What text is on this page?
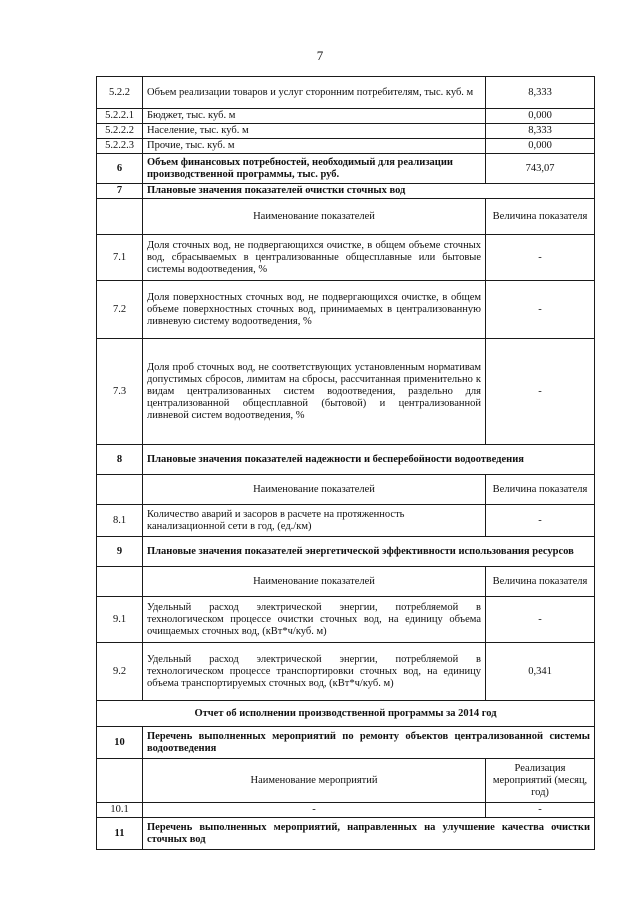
7
5.2.2	Объем реализации товаров и услуг сторонним потребителям, тыс. куб. м	8,333
5.2.2.1	Бюджет, тыс. куб. м	0,000
5.2.2.2	Население, тыс. куб. м	8,333
5.2.2.3	Прочие, тыс. куб. м	0,000
6	Объем финансовых потребностей, необходимый для реализации производственной программы, тыс. руб.	743,07
7	Плановые значения показателей очистки сточных вод	
	Наименование показателей	Величина показателя
7.1	Доля сточных вод, не подвергающихся очистке, в общем объеме сточных вод, сбрасываемых в централизованные общесплавные или бытовые системы водоотведения, %	-
7.2	Доля поверхностных сточных вод, не подвергающихся очистке, в общем объеме поверхностных сточных вод, принимаемых в централизованную ливневую систему водоотведения, %	-
7.3	Доля проб сточных вод, не соответствующих установленным нормативам допустимых сбросов, лимитам на сбросы, рассчитанная применительно к видам централизованных систем водоотведения, раздельно для централизованной общесплавной (бытовой) и централизованной ливневой систем водоотведения, %	-
8	Плановые значения показателей надежности и бесперебойности водоотведения	
	Наименование показателей	Величина показателя
8.1	Количество аварий и засоров в расчете на протяженность канализационной сети в год, (ед./км)	-
9	Плановые значения показателей энергетической эффективности использования ресурсов	
	Наименование показателей	Величина показателя
9.1	Удельный расход электрической энергии, потребляемой в технологическом процессе очистки сточных вод, на единицу объема очищаемых сточных вод, (кВт*ч/куб. м)	-
9.2	Удельный расход электрической энергии, потребляемой в технологическом процессе транспортировки сточных вод, на единицу объема транспортируемых сточных вод, (кВт*ч/куб. м)	0,341
Отчет об исполнении производственной программы за 2014 год		
10	Перечень выполненных мероприятий по ремонту объектов централизованной системы водоотведения	
	Наименование мероприятий	Реализация мероприятий (месяц, год)
10.1	-	-
11	Перечень выполненных мероприятий, направленных на улучшение качества очистки сточных вод	
